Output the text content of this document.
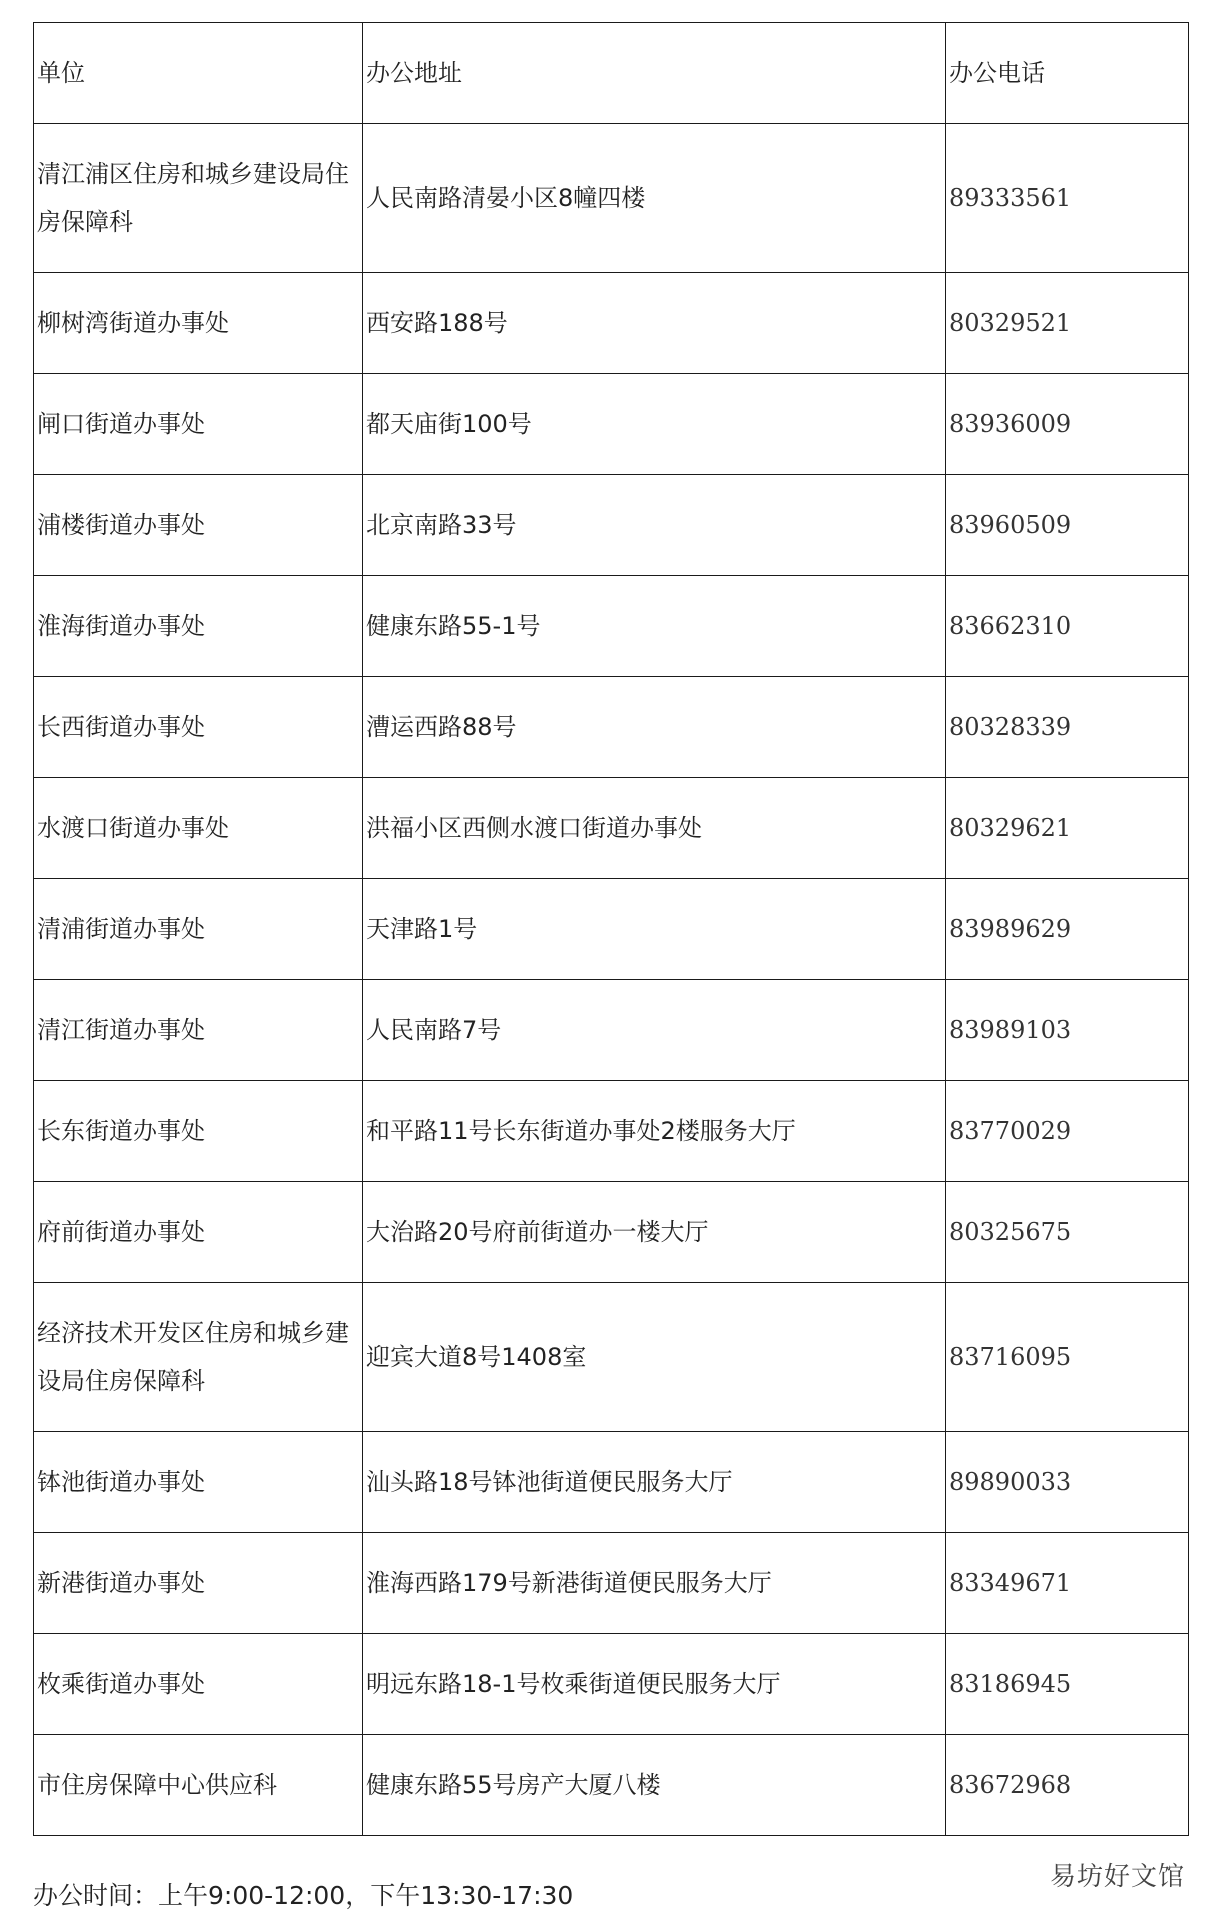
单位	办公地址	办公电话
清江浦区住房和城乡建设局住房保障科	人民南路清晏小区8幢四楼	89333561
柳树湾街道办事处	西安路188号	80329521
闸口街道办事处	都天庙街100号	83936009
浦楼街道办事处	北京南路33号	83960509
淮海街道办事处	健康东路55-1号	83662310
长西街道办事处	漕运西路88号	80328339
水渡口街道办事处	洪福小区西侧水渡口街道办事处	80329621
清浦街道办事处	天津路1号	83989629
清江街道办事处	人民南路7号	83989103
长东街道办事处	和平路11号长东街道办事处2楼服务大厅	83770029
府前街道办事处	大治路20号府前街道办一楼大厅	80325675
经济技术开发区住房和城乡建设局住房保障科	迎宾大道8号1408室	83716095
钵池街道办事处	汕头路18号钵池街道便民服务大厅	89890033
新港街道办事处	淮海西路179号新港街道便民服务大厅	83349671
枚乘街道办事处	明远东路18-1号枚乘街道便民服务大厅	83186945
市住房保障中心供应科	健康东路55号房产大厦八楼	83672968
办公时间：上午9:00-12:00，下午13:30-17:30
易坊好文馆
